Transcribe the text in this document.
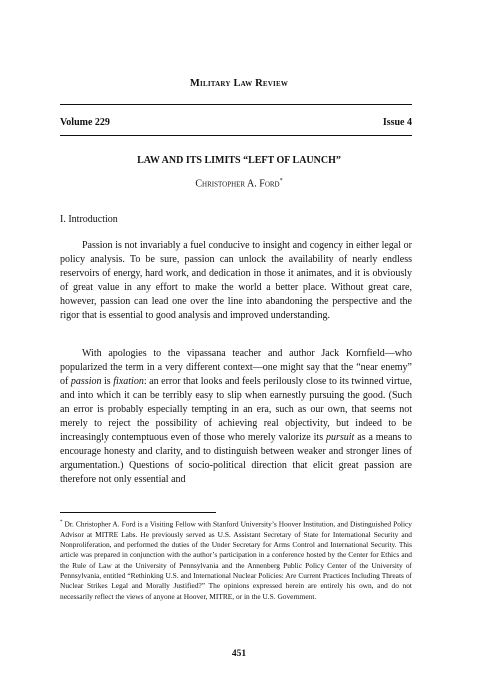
Military Law Review
Volume 229	Issue 4
LAW AND ITS LIMITS “LEFT OF LAUNCH”
Christopher A. Ford*
I. Introduction

Passion is not invariably a fuel conducive to insight and cogency in either legal or policy analysis. To be sure, passion can unlock the availability of nearly endless reservoirs of energy, hard work, and dedication in those it animates, and it is obviously of great value in any effort to make the world a better place. Without great care, however, passion can lead one over the line into abandoning the perspective and the rigor that is essential to good analysis and improved understanding.

With apologies to the vipassana teacher and author Jack Kornfield—who popularized the term in a very different context—one might say that the “near enemy” of passion is fixation: an error that looks and feels perilously close to its twinned virtue, and into which it can be terribly easy to slip when earnestly pursuing the good. (Such an error is probably especially tempting in an era, such as our own, that seems not merely to reject the possibility of achieving real objectivity, but indeed to be increasingly contemptuous even of those who merely valorize its pursuit as a means to encourage honesty and clarity, and to distinguish between weaker and stronger lines of argumentation.) Questions of socio-political direction that elicit great passion are therefore not only essential and

* Dr. Christopher A. Ford is a Visiting Fellow with Stanford University’s Hoover Institution, and Distinguished Policy Advisor at MITRE Labs. He previously served as U.S. Assistant Secretary of State for International Security and Nonproliferation, and performed the duties of the Under Secretary for Arms Control and International Security. This article was prepared in conjunction with the author’s participation in a conference hosted by the Center for Ethics and the Rule of Law at the University of Pennsylvania and the Annenberg Public Policy Center of the University of Pennsylvania, entitled “Rethinking U.S. and International Nuclear Policies: Are Current Practices Including Threats of Nuclear Strikes Legal and Morally Justified?” The opinions expressed herein are entirely his own, and do not necessarily reflect the views of anyone at Hoover, MITRE, or in the U.S. Government.

451
